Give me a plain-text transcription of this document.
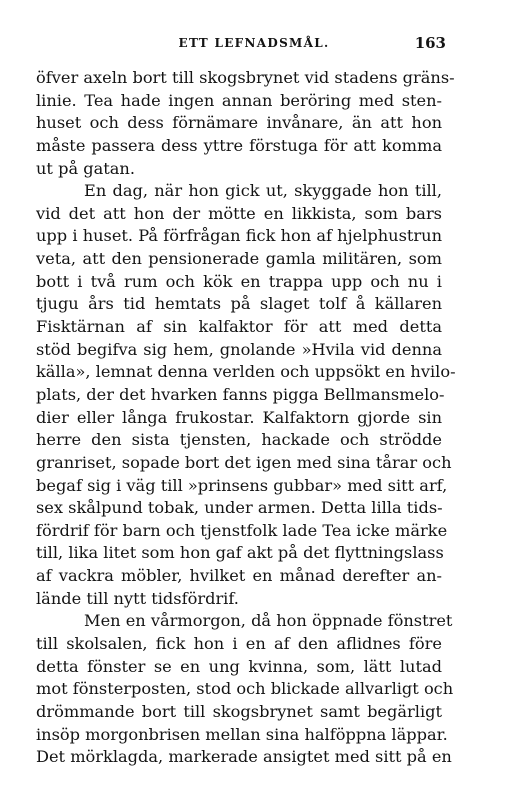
ETT LEFNADSMÅL.	163
öfver axeln bort till skogsbrynet vid stadens gräns-
linie. Tea hade ingen annan beröring med sten-
huset och dess förnämare invånare, än att hon
måste passera dess yttre förstuga för att komma
ut på gatan.
En dag, när hon gick ut, skyggade hon till,
vid det att hon der mötte en likkista, som bars
upp i huset. På förfrågan fick hon af hjelphustrun
veta, att den pensionerade gamla militären, som
bott i två rum och kök en trappa upp och nu i
tjugu års tid hemtats på slaget tolf å källaren
Fisktärnan af sin kalfaktor för att med detta
stöd begifva sig hem, gnolande »Hvila vid denna
källa», lemnat denna verlden och uppsökt en hvilo-
plats, der det hvarken fanns pigga Bellmansmelo-
dier eller långa frukostar. Kalfaktorn gjorde sin
herre den sista tjensten, hackade och strödde
granriset, sopade bort det igen med sina tårar och
begaf sig i väg till »prinsens gubbar» med sitt arf,
sex skålpund tobak, under armen. Detta lilla tids-
fördrif för barn och tjenstfolk lade Tea icke märke
till, lika litet som hon gaf akt på det flyttningslass
af vackra möbler, hvilket en månad derefter an-
lände till nytt tidsfördrif.
Men en vårmorgon, då hon öppnade fönstret
till skolsalen, fick hon i en af den aflidnes före
detta fönster se en ung kvinna, som, lätt lutad
mot fönsterposten, stod och blickade allvarligt och
drömmande bort till skogsbrynet samt begärligt
insöp morgonbrisen mellan sina halföppna läppar.
Det mörklagda, markerade ansigtet med sitt på en
